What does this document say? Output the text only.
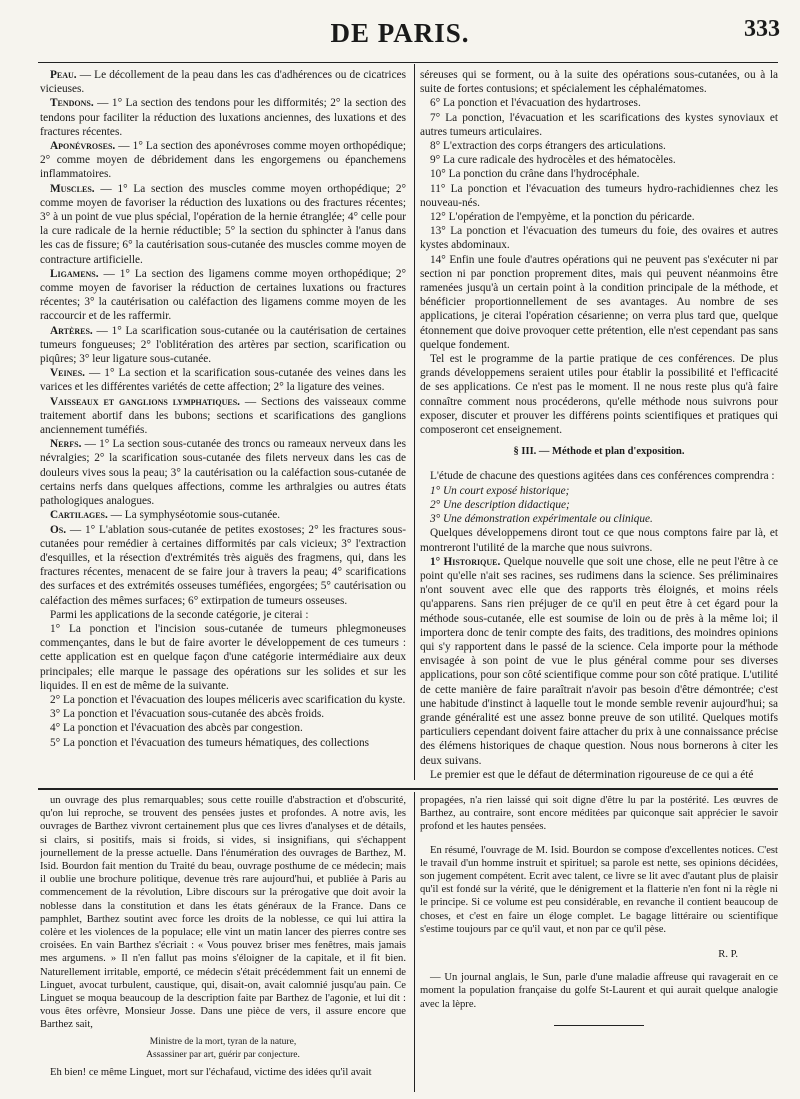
DE PARIS.	333

Peau. — Le décollement de la peau dans les cas d'adhérences ou de cicatrices vicieuses.

Tendons. — 1° La section des tendons pour les difformités; 2° la section des tendons pour faciliter la réduction des luxations anciennes, des luxations et des fractures récentes.

Aponévroses. — 1° La section des aponévroses comme moyen orthopédique; 2° comme moyen de débridement dans les engorgemens ou épanchemens inflammatoires.

Muscles. — 1° La section des muscles comme moyen orthopédique; 2° comme moyen de favoriser la réduction des luxations ou des fractures récentes; 3° à un point de vue plus spécial, l'opération de la hernie étranglée; 4° celle pour la cure radicale de la hernie réductible; 5° la section du sphincter à l'anus dans les cas de fissure; 6° la cautérisation sous-cutanée des muscles comme moyen de contracture artificielle.

Ligamens. — 1° La section des ligamens comme moyen orthopédique; 2° comme moyen de favoriser la réduction de certaines luxations ou fractures récentes; 3° la cautérisation ou caléfaction des ligamens comme moyen de les raccourcir et de les raffermir.

Artères. — 1° La scarification sous-cutanée ou la cautérisation de certaines tumeurs fongueuses; 2° l'oblitération des artères par section, scarification ou piqûres; 3° leur ligature sous-cutanée.

Veines. — 1° La section et la scarification sous-cutanée des veines dans les varices et les différentes variétés de cette affection; 2° la ligature des veines.

Vaisseaux et ganglions lymphatiques. — Sections des vaisseaux comme traitement abortif dans les bubons; sections et scarifications des ganglions anciennement tuméfiés.

Nerfs. — 1° La section sous-cutanée des troncs ou rameaux nerveux dans les névralgies; 2° la scarification sous-cutanée des filets nerveux dans les cas de douleurs vives sous la peau; 3° la cautérisation ou la caléfaction sous-cutanée de certains nerfs dans quelques affections, comme les arthralgies ou autres états pathologiques analogues.

Cartilages. — La symphyséotomie sous-cutanée.

Os. — 1° L'ablation sous-cutanée de petites exostoses; 2° les fractures sous-cutanées pour remédier à certaines difformités par cals vicieux; 3° l'extraction d'esquilles, et la résection d'extrémités très aiguës des fragmens, qui, dans les fractures récentes, menacent de se faire jour à travers la peau; 4° scarifications des surfaces et des extrémités osseuses tuméfiées, engorgées; 5° cautérisation ou caléfaction des mêmes surfaces; 6° extirpation de tumeurs osseuses.

Parmi les applications de la seconde catégorie, je citerai :

1° La ponction et l'incision sous-cutanée de tumeurs phlegmoneuses commençantes, dans le but de faire avorter le développement de ces tumeurs : cette application est en quelque façon d'une catégorie intermédiaire aux deux principales; elle marque le passage des opérations sur les solides et sur les liquides. Il en est de même de la suivante.

2° La ponction et l'évacuation des loupes méliceris avec scarification du kyste.

3° La ponction et l'évacuation sous-cutanée des abcès froids.

4° La ponction et l'évacuation des abcès par congestion.

5° La ponction et l'évacuation des tumeurs hématiques, des collections

séreuses qui se forment, ou à la suite des opérations sous-cutanées, ou à la suite de fortes contusions; et spécialement les céphalématomes.

6° La ponction et l'évacuation des hydartroses.

7° La ponction, l'évacuation et les scarifications des kystes synoviaux et autres tumeurs articulaires.

8° L'extraction des corps étrangers des articulations.

9° La cure radicale des hydrocèles et des hématocèles.

10° La ponction du crâne dans l'hydrocéphale.

11° La ponction et l'évacuation des tumeurs hydro-rachidiennes chez les nouveau-nés.

12° L'opération de l'empyème, et la ponction du péricarde.

13° La ponction et l'évacuation des tumeurs du foie, des ovaires et autres kystes abdominaux.

14° Enfin une foule d'autres opérations qui ne peuvent pas s'exécuter ni par section ni par ponction proprement dites, mais qui peuvent néanmoins être ramenées jusqu'à un certain point à la condition principale de la méthode, et bénéficier proportionnellement de ses avantages. Au nombre de ses applications, je citerai l'opération césarienne; on verra plus tard que, quelque étonnement que doive provoquer cette prétention, elle n'est cependant pas sans quelque fondement.

Tel est le programme de la partie pratique de ces conférences. De plus grands développemens seraient utiles pour établir la possibilité et l'efficacité de ses applications. Ce n'est pas le moment. Il ne nous reste plus qu'à faire connaître comment nous procéderons, qu'elle méthode nous suivrons pour exposer, discuter et prouver les différens points scientifiques et pratiques qui composeront cet enseignement.

§ III. — Méthode et plan d'exposition.

L'étude de chacune des questions agitées dans ces conférences comprendra :

1° Un court exposé historique;

2° Une description didactique;

3° Une démonstration expérimentale ou clinique.

Quelques développemens diront tout ce que nous comptons faire par là, et montreront l'utilité de la marche que nous suivrons.

1° Historique. Quelque nouvelle que soit une chose, elle ne peut l'être à ce point qu'elle n'ait ses racines, ses rudimens dans la science. Ses préliminaires n'ont souvent avec elle que des rapports très éloignés, et moins réels qu'apparens. Sans rien préjuger de ce qu'il en peut être à cet égard pour la méthode sous-cutanée, elle est soumise de loin ou de près à la même loi; il importera donc de tenir compte des faits, des traditions, des moindres opinions qui s'y rapportent dans le passé de la science. Cela importe pour la méthode envisagée à son point de vue le plus général comme pour ses diverses applications, pour son côté scientifique comme pour son côté pratique. L'utilité de cette manière de faire paraîtrait n'avoir pas besoin d'être démontrée; c'est une habitude d'instinct à laquelle tout le monde semble revenir aujourd'hui; sa grande généralité est une assez bonne preuve de son utilité. Quelques motifs particuliers cependant doivent faire attacher du prix à une connaissance précise des élémens historiques de chaque question. Nous nous bornerons à citer les deux suivans.

Le premier est que le défaut de détermination rigoureuse de ce qui a été

un ouvrage des plus remarquables; sous cette rouille d'abstraction et d'obscurité, qu'on lui reproche, se trouvent des pensées justes et profondes. A notre avis, les ouvrages de Barthez vivront certainement plus que ces livres d'analyses et de détails, si clairs, si positifs, mais si froids, si vides, si insignifians, qui s'échappent journellement de la presse actuelle. Dans l'énumération des ouvrages de Barthez, M. Isid. Bourdon fait mention du Traité du beau, ouvrage posthume de ce médecin; mais il oublie une brochure politique, devenue très rare aujourd'hui, et publiée à Paris au commencement de la révolution, Libre discours sur la prérogative que doit avoir la noblesse dans la constitution et dans les états généraux de la France. Dans ce pamphlet, Barthez soutint avec force les droits de la noblesse, ce qui lui attira la colère et les violences de la populace; elle vint un matin lancer des pierres contre ses croisées. En vain Barthez s'écriait : « Vous pouvez briser mes fenêtres, mais jamais mes argumens. » Il n'en fallut pas moins s'éloigner de la capitale, et il fit bien. Naturellement irritable, emporté, ce médecin s'était précédemment fait un ennemi de Linguet, avocat turbulent, caustique, qui, disait-on, avait calomnié jusqu'au pain. Ce Linguet se moqua beaucoup de la description faite par Barthez de l'agonie, et lui dit : vous êtes orfèvre, Monsieur Josse. Dans une pièce de vers, il assure encore que Barthez sait,

Ministre de la mort, tyran de la nature,

Assassiner par art, guérir par conjecture.

Eh bien! ce même Linguet, mort sur l'échafaud, victime des idées qu'il avait

propagées, n'a rien laissé qui soit digne d'être lu par la postérité. Les œuvres de Barthez, au contraire, sont encore méditées par quiconque sait apprécier le savoir profond et les hautes pensées.

En résumé, l'ouvrage de M. Isid. Bourdon se compose d'excellentes notices. C'est le travail d'un homme instruit et spirituel; sa parole est nette, ses opinions décidées, son jugement compétent. Ecrit avec talent, ce livre se lit avec d'autant plus de plaisir qu'il est fondé sur la vérité, que le dénigrement et la flatterie n'en font ni la règle ni le principe. Si ce volume est peu considérable, en revanche il contient beaucoup de choses, et c'est en faire un éloge complet. Le bagage littéraire ou scientifique s'estime toujours par ce qu'il vaut, et non par ce qu'il pèse.

R. P.

— Un journal anglais, le Sun, parle d'une maladie affreuse qui ravagerait en ce moment la population française du golfe St-Laurent et qui aurait quelque analogie avec la lèpre.
